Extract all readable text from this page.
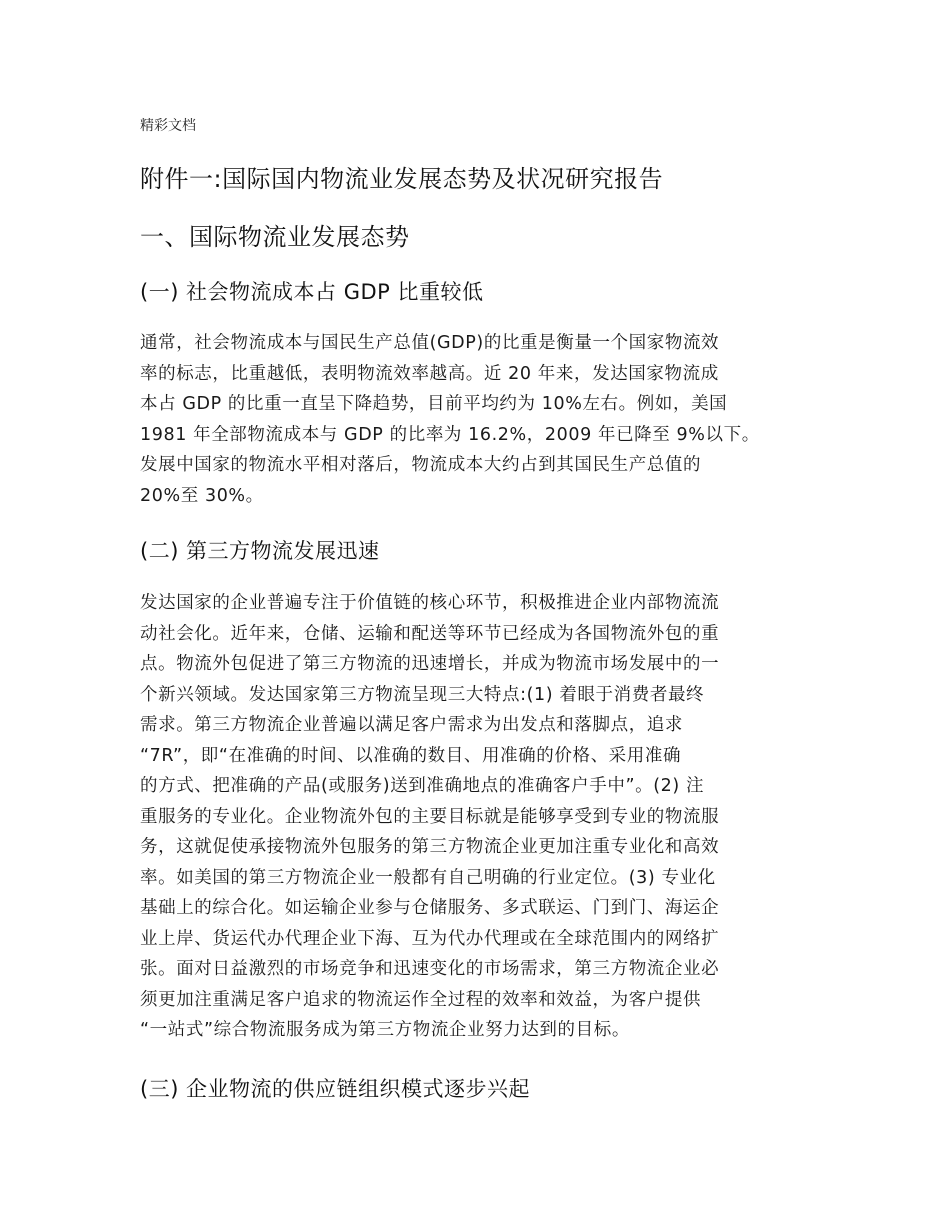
精彩文档
附件一:国际国内物流业发展态势及状况研究报告
一、国际物流业发展态势
(一) 社会物流成本占 GDP 比重较低
通常，社会物流成本与国民生产总值(GDP)的比重是衡量一个国家物流效
率的标志，比重越低，表明物流效率越高。近 20 年来，发达国家物流成
本占 GDP 的比重一直呈下降趋势，目前平均约为 10%左右。例如，美国
1981 年全部物流成本与 GDP 的比率为 16.2%，2009 年已降至 9%以下。
发展中国家的物流水平相对落后，物流成本大约占到其国民生产总值的
20%至 30%。
(二) 第三方物流发展迅速
发达国家的企业普遍专注于价值链的核心环节，积极推进企业内部物流流
动社会化。近年来，仓储、运输和配送等环节已经成为各国物流外包的重
点。物流外包促进了第三方物流的迅速增长，并成为物流市场发展中的一
个新兴领域。发达国家第三方物流呈现三大特点:(1) 着眼于消费者最终
需求。第三方物流企业普遍以满足客户需求为出发点和落脚点，追求
“7R”，即“在准确的时间、以准确的数目、用准确的价格、采用准确
的方式、把准确的产品(或服务)送到准确地点的准确客户手中”。(2) 注
重服务的专业化。企业物流外包的主要目标就是能够享受到专业的物流服
务，这就促使承接物流外包服务的第三方物流企业更加注重专业化和高效
率。如美国的第三方物流企业一般都有自己明确的行业定位。(3) 专业化
基础上的综合化。如运输企业参与仓储服务、多式联运、门到门、海运企
业上岸、货运代办代理企业下海、互为代办代理或在全球范围内的网络扩
张。面对日益激烈的市场竞争和迅速变化的市场需求，第三方物流企业必
须更加注重满足客户追求的物流运作全过程的效率和效益，为客户提供
“一站式”综合物流服务成为第三方物流企业努力达到的目标。
(三) 企业物流的供应链组织模式逐步兴起
